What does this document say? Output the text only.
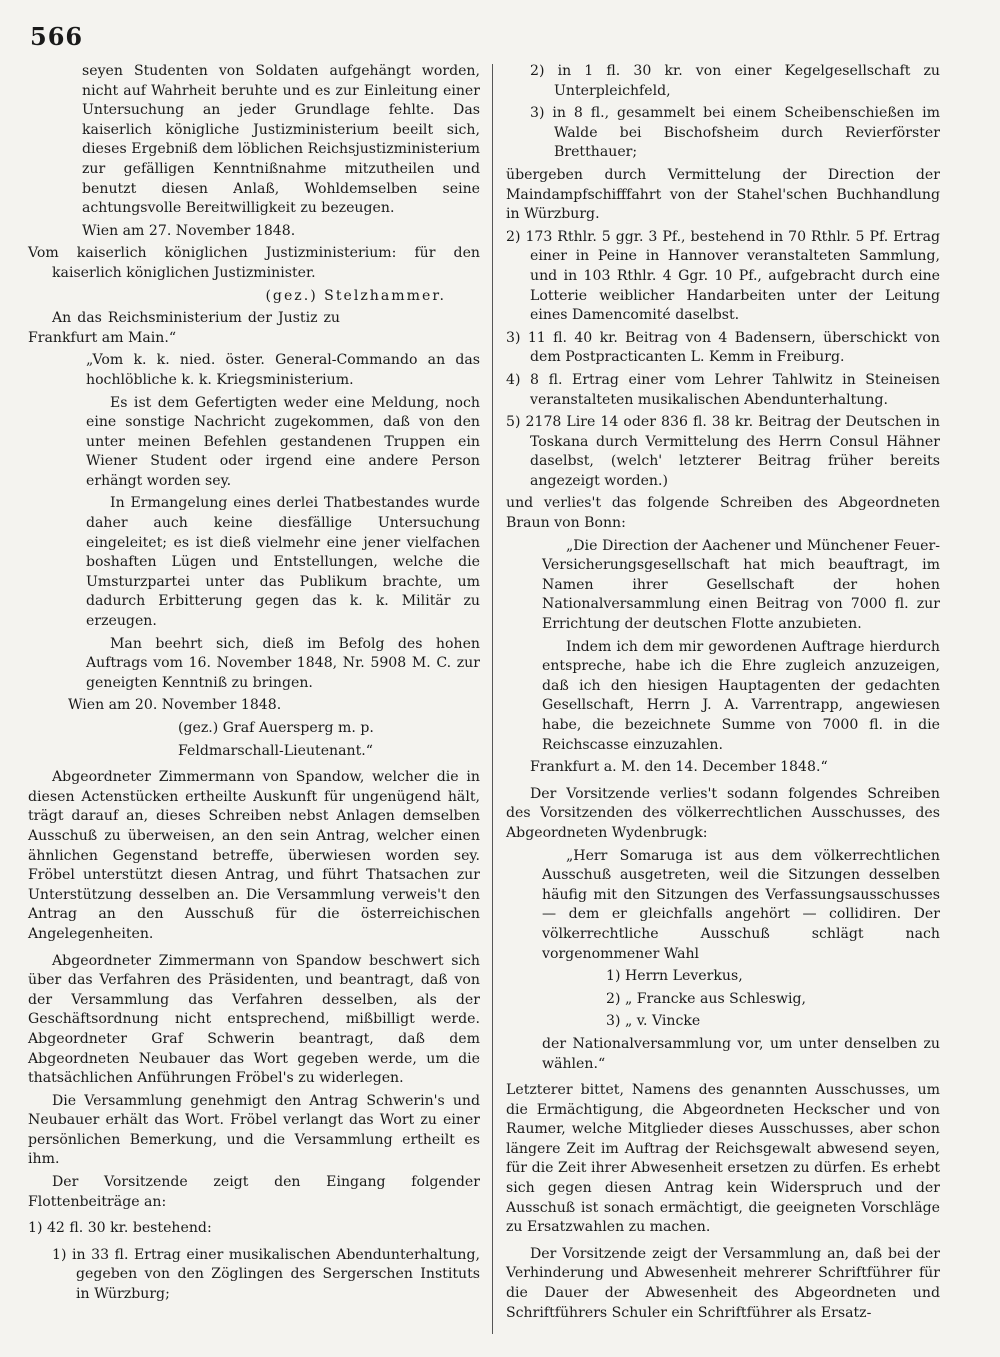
566

seyen Studenten von Soldaten aufgehängt worden, nicht auf Wahrheit beruhte und es zur Einleitung einer Untersuchung an jeder Grundlage fehlte. Das kaiserlich königliche Justizministerium beeilt sich, dieses Ergebniß dem löblichen Reichsjustizministerium zur gefälligen Kenntnißnahme mitzutheilen und benutzt diesen Anlaß, Wohldemselben seine achtungsvolle Bereitwilligkeit zu bezeugen.

Wien am 27. November 1848.

Vom kaiserlich königlichen Justizministerium: für den kaiserlich königlichen Justizminister.

(gez.) Stelzhammer.

An das Reichsministerium der Justiz zu Frankfurt am Main.“

„Vom k. k. nied. öster. General-Commando an das hochlöbliche k. k. Kriegsministerium.

Es ist dem Gefertigten weder eine Meldung, noch eine sonstige Nachricht zugekommen, daß von den unter meinen Befehlen gestandenen Truppen ein Wiener Student oder irgend eine andere Person erhängt worden sey.

In Ermangelung eines derlei Thatbestandes wurde daher auch keine diesfällige Untersuchung eingeleitet; es ist dieß vielmehr eine jener vielfachen boshaften Lügen und Entstellungen, welche die Umsturzpartei unter das Publikum brachte, um dadurch Erbitterung gegen das k. k. Militär zu erzeugen.

Man beehrt sich, dieß im Befolg des hohen Auftrags vom 16. November 1848, Nr. 5908 M. C. zur geneigten Kenntniß zu bringen.

Wien am 20. November 1848.

(gez.) Graf Auersperg m. p.

Feldmarschall-Lieutenant.“

Abgeordneter Zimmermann von Spandow, welcher die in diesen Actenstücken ertheilte Auskunft für ungenügend hält, trägt darauf an, dieses Schreiben nebst Anlagen demselben Ausschuß zu überweisen, an den sein Antrag, welcher einen ähnlichen Gegenstand betreffe, überwiesen worden sey. Fröbel unterstützt diesen Antrag, und führt Thatsachen zur Unterstützung desselben an. Die Versammlung verweis't den Antrag an den Ausschuß für die österreichischen Angelegenheiten.

Abgeordneter Zimmermann von Spandow beschwert sich über das Verfahren des Präsidenten, und beantragt, daß von der Versammlung das Verfahren desselben, als der Geschäftsordnung nicht entsprechend, mißbilligt werde. Abgeordneter Graf Schwerin beantragt, daß dem Abgeordneten Neubauer das Wort gegeben werde, um die thatsächlichen Anführungen Fröbel's zu widerlegen.

Die Versammlung genehmigt den Antrag Schwerin's und Neubauer erhält das Wort. Fröbel verlangt das Wort zu einer persönlichen Bemerkung, und die Versammlung ertheilt es ihm.

Der Vorsitzende zeigt den Eingang folgender Flottenbeiträge an:

1) 42 fl. 30 kr. bestehend:

1) in 33 fl. Ertrag einer musikalischen Abendunterhaltung, gegeben von den Zöglingen des Sergerschen Instituts in Würzburg;

2) in 1 fl. 30 kr. von einer Kegelgesellschaft zu Unterpleichfeld,

3) in 8 fl., gesammelt bei einem Scheibenschießen im Walde bei Bischofsheim durch Revierförster Bretthauer;

übergeben durch Vermittelung der Direction der Maindampfschifffahrt von der Stahel'schen Buchhandlung in Würzburg.

2) 173 Rthlr. 5 ggr. 3 Pf., bestehend in 70 Rthlr. 5 Pf. Ertrag einer in Peine in Hannover veranstalteten Sammlung, und in 103 Rthlr. 4 Ggr. 10 Pf., aufgebracht durch eine Lotterie weiblicher Handarbeiten unter der Leitung eines Damencomité daselbst.

3) 11 fl. 40 kr. Beitrag von 4 Badensern, überschickt von dem Postpracticanten L. Kemm in Freiburg.

4) 8 fl. Ertrag einer vom Lehrer Tahlwitz in Steineisen veranstalteten musikalischen Abendunterhaltung.

5) 2178 Lire 14 oder 836 fl. 38 kr. Beitrag der Deutschen in Toskana durch Vermittelung des Herrn Consul Hähner daselbst, (welch' letzterer Beitrag früher bereits angezeigt worden.)

und verlies't das folgende Schreiben des Abgeordneten Braun von Bonn:

„Die Direction der Aachener und Münchener Feuer-Versicherungsgesellschaft hat mich beauftragt, im Namen ihrer Gesellschaft der hohen Nationalversammlung einen Beitrag von 7000 fl. zur Errichtung der deutschen Flotte anzubieten.

Indem ich dem mir gewordenen Auftrage hierdurch entspreche, habe ich die Ehre zugleich anzuzeigen, daß ich den hiesigen Hauptagenten der gedachten Gesellschaft, Herrn J. A. Varrentrapp, angewiesen habe, die bezeichnete Summe von 7000 fl. in die Reichscasse einzuzahlen.

Frankfurt a. M. den 14. December 1848.“

Der Vorsitzende verlies't sodann folgendes Schreiben des Vorsitzenden des völkerrechtlichen Ausschusses, des Abgeordneten Wydenbrugk:

„Herr Somaruga ist aus dem völkerrechtlichen Ausschuß ausgetreten, weil die Sitzungen desselben häufig mit den Sitzungen des Verfassungsausschusses — dem er gleichfalls angehört — collidiren. Der völkerrechtliche Ausschuß schlägt nach vorgenommener Wahl

1) Herrn Leverkus,

2) „ Francke aus Schleswig,

3) „ v. Vincke

der Nationalversammlung vor, um unter denselben zu wählen.“

Letzterer bittet, Namens des genannten Ausschusses, um die Ermächtigung, die Abgeordneten Heckscher und von Raumer, welche Mitglieder dieses Ausschusses, aber schon längere Zeit im Auftrag der Reichsgewalt abwesend seyen, für die Zeit ihrer Abwesenheit ersetzen zu dürfen. Es erhebt sich gegen diesen Antrag kein Widerspruch und der Ausschuß ist sonach ermächtigt, die geeigneten Vorschläge zu Ersatzwahlen zu machen.

Der Vorsitzende zeigt der Versammlung an, daß bei der Verhinderung und Abwesenheit mehrerer Schriftführer für die Dauer der Abwesenheit des Abgeordneten und Schriftführers Schuler ein Schriftführer als Ersatz-
